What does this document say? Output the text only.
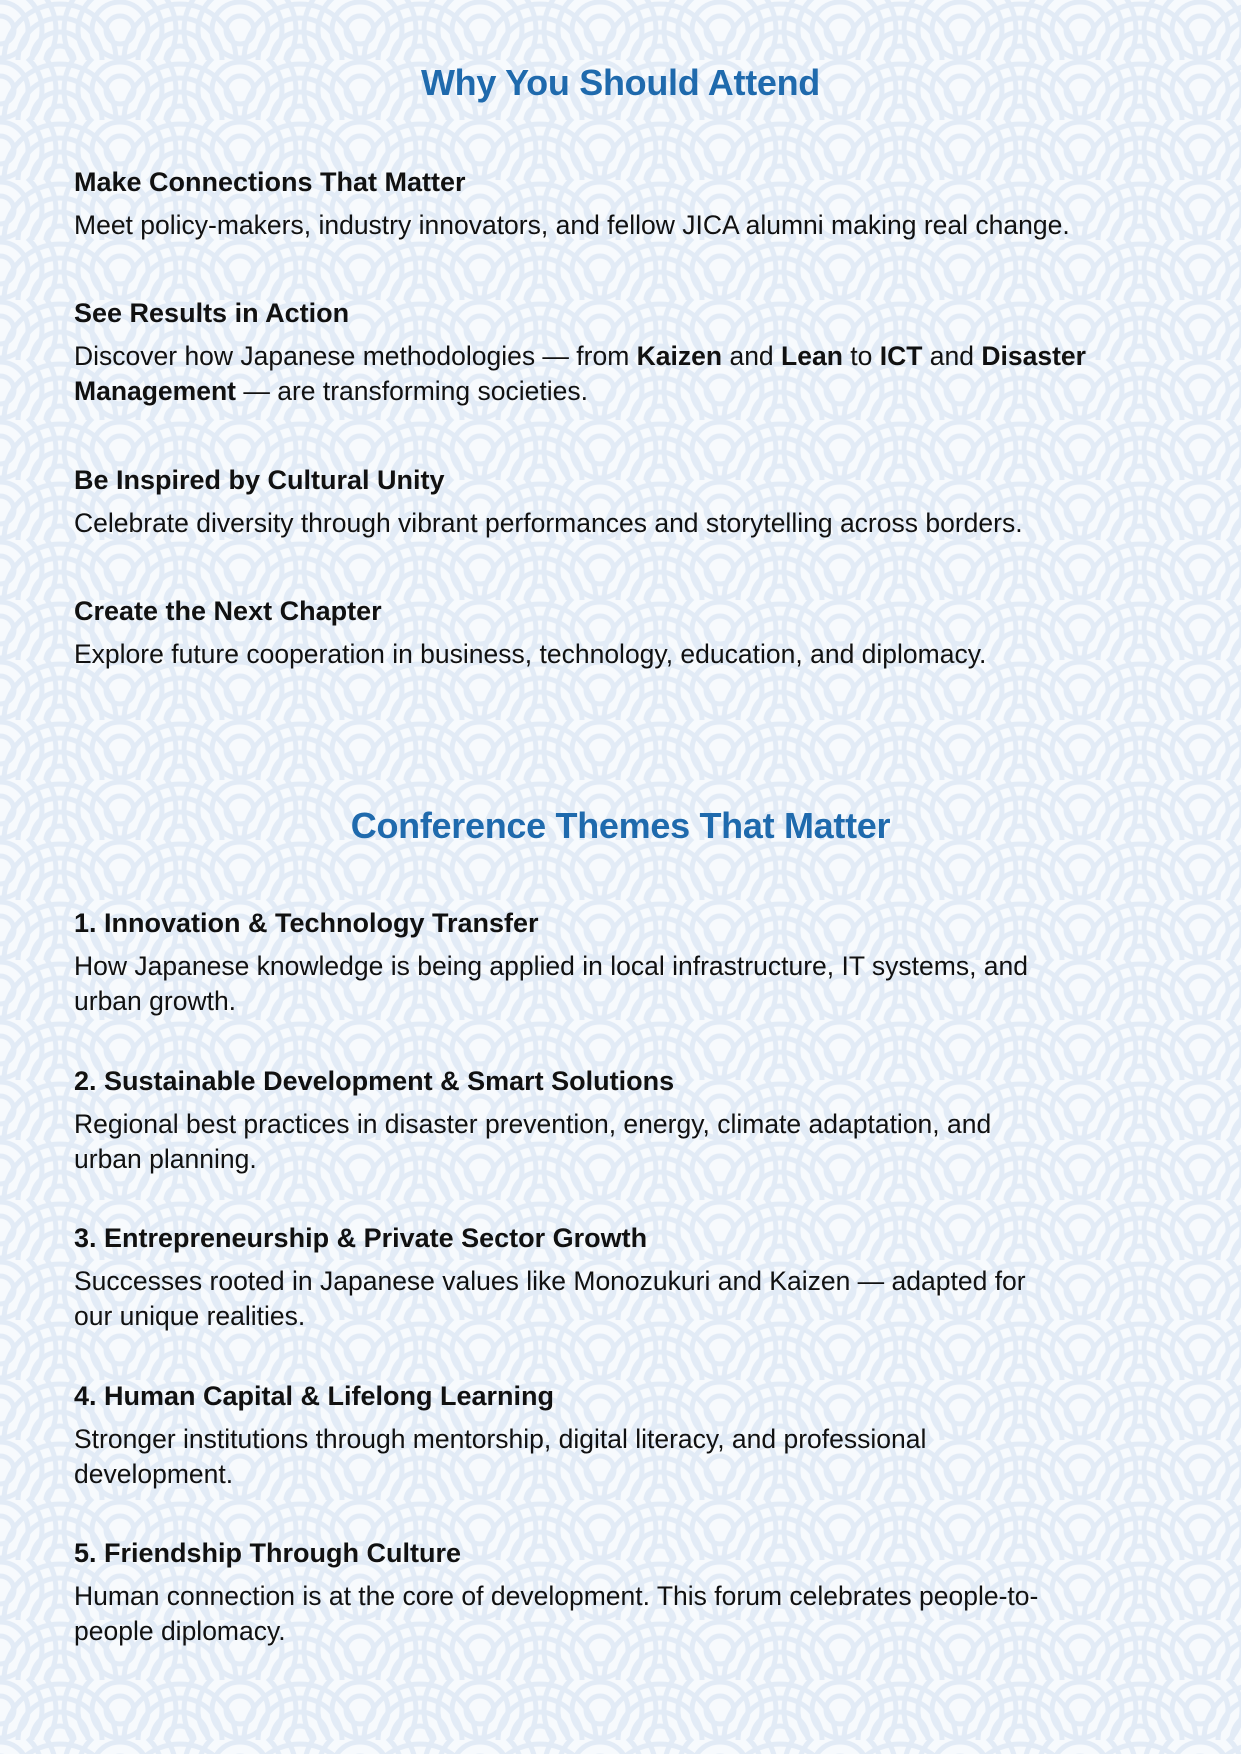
Why You Should Attend

Make Connections That Matter

Meet policy-makers, industry innovators, and fellow JICA alumni making real change.

See Results in Action

Discover how Japanese methodologies — from Kaizen and Lean to ICT and Disaster Management — are transforming societies.

Be Inspired by Cultural Unity

Celebrate diversity through vibrant performances and storytelling across borders.

Create the Next Chapter

Explore future cooperation in business, technology, education, and diplomacy.

Conference Themes That Matter

1. Innovation & Technology Transfer

How Japanese knowledge is being applied in local infrastructure, IT systems, and urban growth.

2. Sustainable Development & Smart Solutions

Regional best practices in disaster prevention, energy, climate adaptation, and urban planning.

3. Entrepreneurship & Private Sector Growth

Successes rooted in Japanese values like Monozukuri and Kaizen — adapted for our unique realities.

4. Human Capital & Lifelong Learning

Stronger institutions through mentorship, digital literacy, and professional development.

5. Friendship Through Culture

Human connection is at the core of development. This forum celebrates people-to-people diplomacy.
